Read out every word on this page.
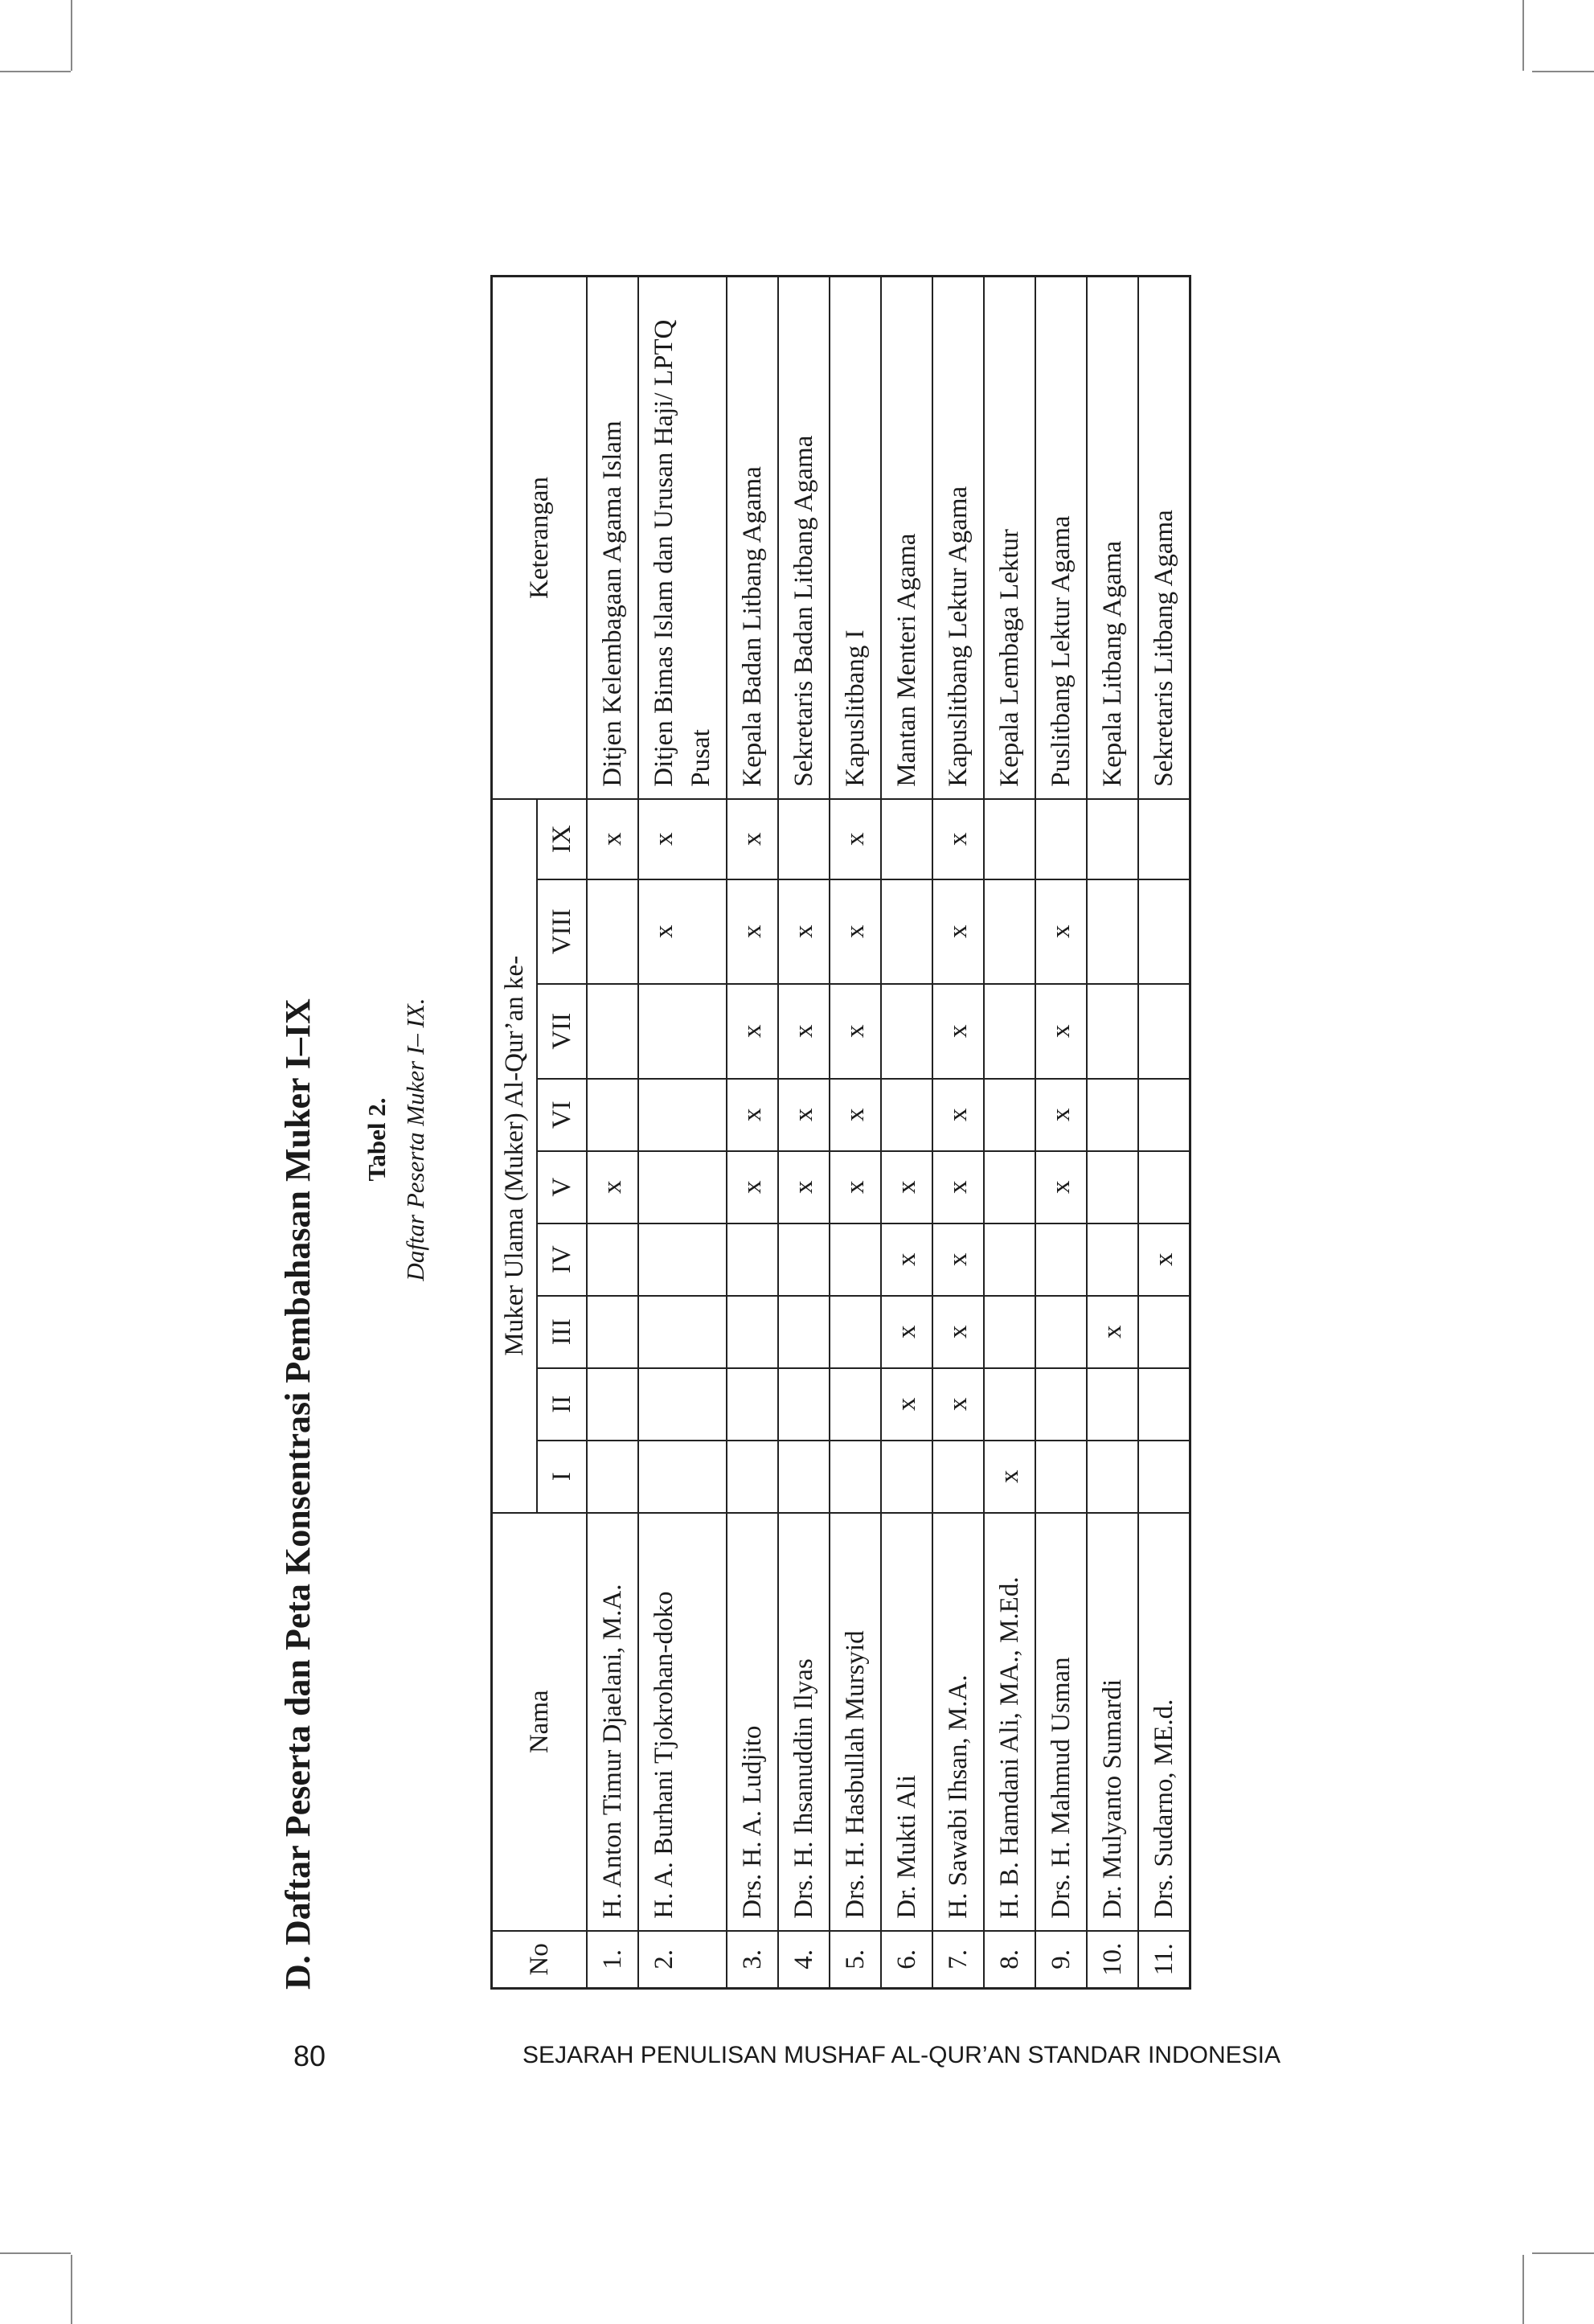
D.Daftar Peserta dan Peta Konsentrasi Pembahasan Muker I–IX Tabel 2. Daftar Peserta Muker I– IX.
No	Nama	Muker Ulama (Muker) Al-Qur’an ke-									Keterangan
		I	II	III	IV	V	VI	VII	VIII	IX	
1.	H. Anton Timur Djaelani, M.A.					x				x	Ditjen Kelembagaan Agama Islam
2.	H. A. Burhani Tjokrohan-doko								x	x	Ditjen Bimas Islam dan Urusan Haji/ LPTQ Pusat
3.	Drs. H. A. Ludjito					x	x	x	x	x	Kepala Badan Litbang Agama
4.	Drs. H. Ihsanuddin Ilyas					x	x	x	x		Sekretaris Badan Litbang Agama
5.	Drs. H. Hasbullah Mursyid					x	x	x	x	x	Kapuslitbang I
6.	Dr. Mukti Ali		x	x	x	x					Mantan Menteri Agama
7.	H. Sawabi Ihsan, M.A.		x	x	x	x	x	x	x	x	Kapuslitbang Lektur Agama
8.	H. B. Hamdani Ali, MA., M.Ed.	x									Kepala Lembaga Lektur
9.	Drs. H. Mahmud Usman					x	x	x	x		Puslitbang Lektur Agama
10.	Dr. Mulyanto Sumardi			x							Kepala Litbang Agama
11.	Drs. Sudarno, ME.d.				x						Sekretaris Litbang Agama
80	SEJARAH PENULISAN MUSHAF AL-QUR’AN STANDAR INDONESIA
